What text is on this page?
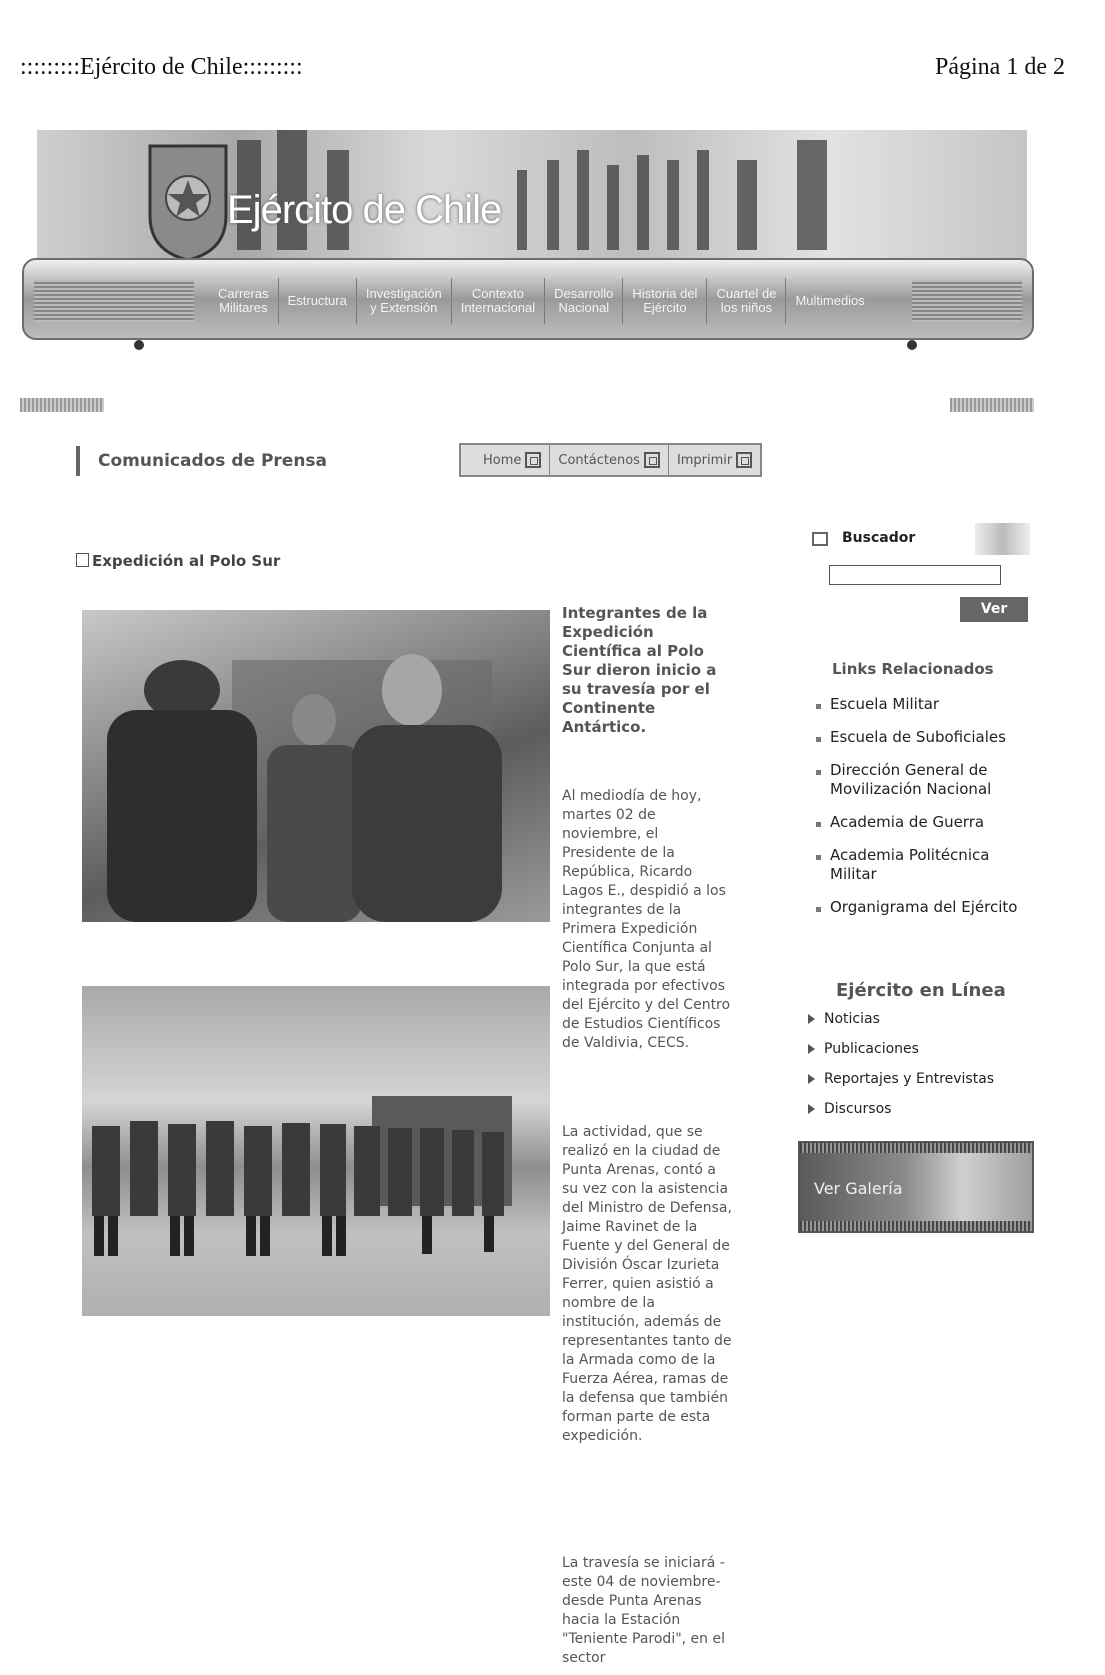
:::::::::Ejército de Chile:::::::::	Página 1 de 2
Ejército de Chile
Carreras
Militares	Estructura	Investigación
y Extensión
Contexto
Internacional
Desarrollo
Nacional
Historia del
Ejército
Cuartel de
los niños	Multimedios
Comunicados de Prensa	Home	Contáctenos	Imprimir
Expedición al Polo Sur
Integrantes de la Expedición Científica al Polo Sur dieron inicio a su travesía por el Continente Antártico.
Al mediodía de hoy, martes 02 de noviembre, el Presidente de la República, Ricardo Lagos E., despidió a los integrantes de la Primera Expedición Científica Conjunta al Polo Sur, la que está integrada por efectivos del Ejército y del Centro de Estudios Científicos de Valdivia, CECS.
La actividad, que se realizó en la ciudad de Punta Arenas, contó a su vez con la asistencia del Ministro de Defensa, Jaime Ravinet de la Fuente y del General de División Óscar Izurieta Ferrer, quien asistió a nombre de la institución, además de representantes tanto de la Armada como de la Fuerza Aérea, ramas de la defensa que también forman parte de esta expedición.
La travesía se iniciará -este 04 de noviembre- desde Punta Arenas hacia la Estación "Teniente Parodi", en el sector
Buscador
Ver
Links Relacionados
Escuela Militar
Escuela de Suboficiales
Dirección General de Movilización Nacional
Academia de Guerra
Academia Politécnica Militar
Organigrama del Ejército
Ejército en Línea
Noticias
Publicaciones
Reportajes y Entrevistas
Discursos
Ver Galería
